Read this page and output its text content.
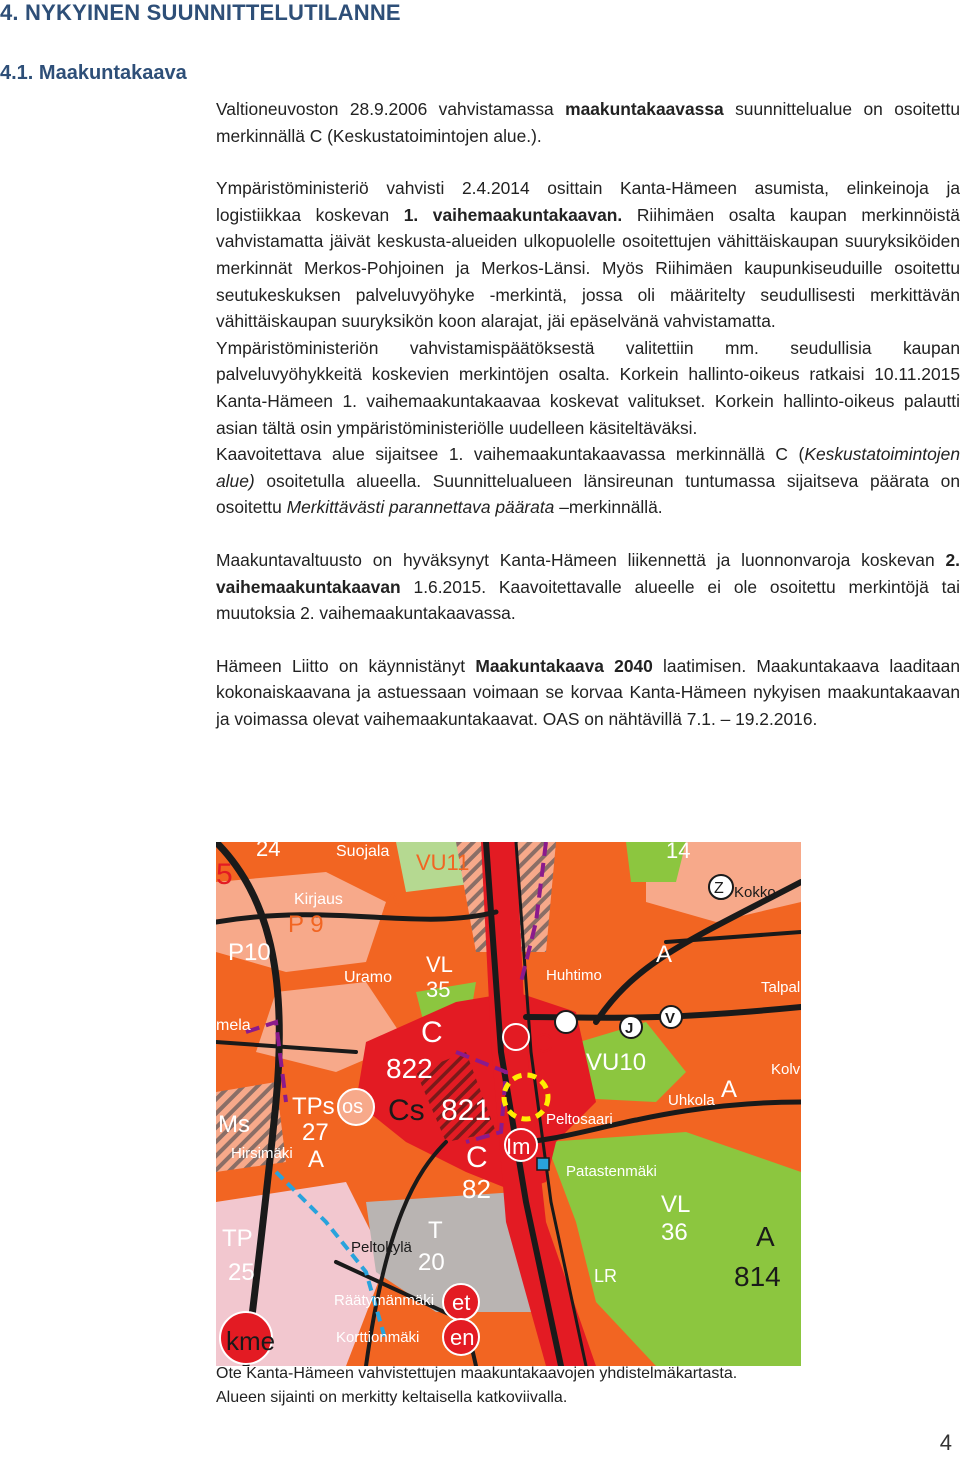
4. NYKYINEN SUUNNITTELUTILANNE
4.1. Maakuntakaava

Valtioneuvoston 28.9.2006 vahvistamassa maakuntakaavassa suunnittelualue on osoitettu merkinnällä C (Keskustatoimintojen alue.).

Ympäristöministeriö vahvisti 2.4.2014 osittain Kanta-Hämeen asumista, elinkeinoja ja logistiikkaa koskevan 1. vaihemaakuntakaavan. Riihimäen osalta kaupan merkinnöistä vahvistamatta jäivät keskusta-alueiden ulkopuolelle osoitettujen vähittäiskaupan suuryksiköiden merkinnät Merkos-Pohjoinen ja Merkos-Länsi. Myös Riihimäen kaupunkiseuduille osoitettu seutukeskuksen palveluvyöhyke -merkintä, jossa oli määritelty seudullisesti merkittävän vähittäiskaupan suuryksikön koon alarajat, jäi epäselvänä vahvistamatta.

Ympäristöministeriön vahvistamispäätöksestä valitettiin mm. seudullisia kaupan palveluvyöhykkeitä koskevien merkintöjen osalta. Korkein hallinto-oikeus ratkaisi 10.11.2015 Kanta-Hämeen 1. vaihemaakuntakaavaa koskevat valitukset. Korkein hallinto-oikeus palautti asian tältä osin ympäristöministeriölle uudelleen käsiteltäväksi.

Kaavoitettava alue sijaitsee 1. vaihemaakuntakaavassa merkinnällä C (Keskustatoimintojen alue) osoitetulla alueella. Suunnittelualueen länsireunan tuntumassa sijaitseva päärata on osoitettu Merkittävästi parannettava päärata –merkinnällä.

Maakuntavaltuusto on hyväksynyt Kanta-Hämeen liikennettä ja luonnonvaroja koskevan 2. vaihemaakuntakaavan 1.6.2015. Kaavoitettavalle alueelle ei ole osoitettu merkintöjä tai muutoksia 2. vaihemaakuntakaavassa.

Hämeen Liitto on käynnistänyt Maakuntakaava 2040 laatimisen. Maakuntakaava laaditaan kokonaiskaavana ja astuessaan voimaan se korvaa Kanta-Hämeen nykyisen maakuntakaavan ja voimassa olevat vaihemaakuntakaavat. OAS on nähtävillä 7.1. – 19.2.2016.

Suojala VU11	14
24
5
Kirjaus A
P 9
Kokko
Z
P10
Uramo
VL
35
Huhtimo
A
mela	J
V
Talpal
C
822
C
VU10	Kolv
Cs 821
TPs os
27	Peltosaari
Uhkola A
Ms
Hirsimäki A	Im
C
82
Patastenmäki
TP
25
Peltokylä
T
20
VL
36 A
814
Räätymänmäki et
en
kme	Korttionmäki
LR
Ote Kanta-Hämeen vahvistettujen maakuntakaavojen yhdistelmäkartasta.
Alueen sijainti on merkitty keltaisella katkoviivalla.
4
